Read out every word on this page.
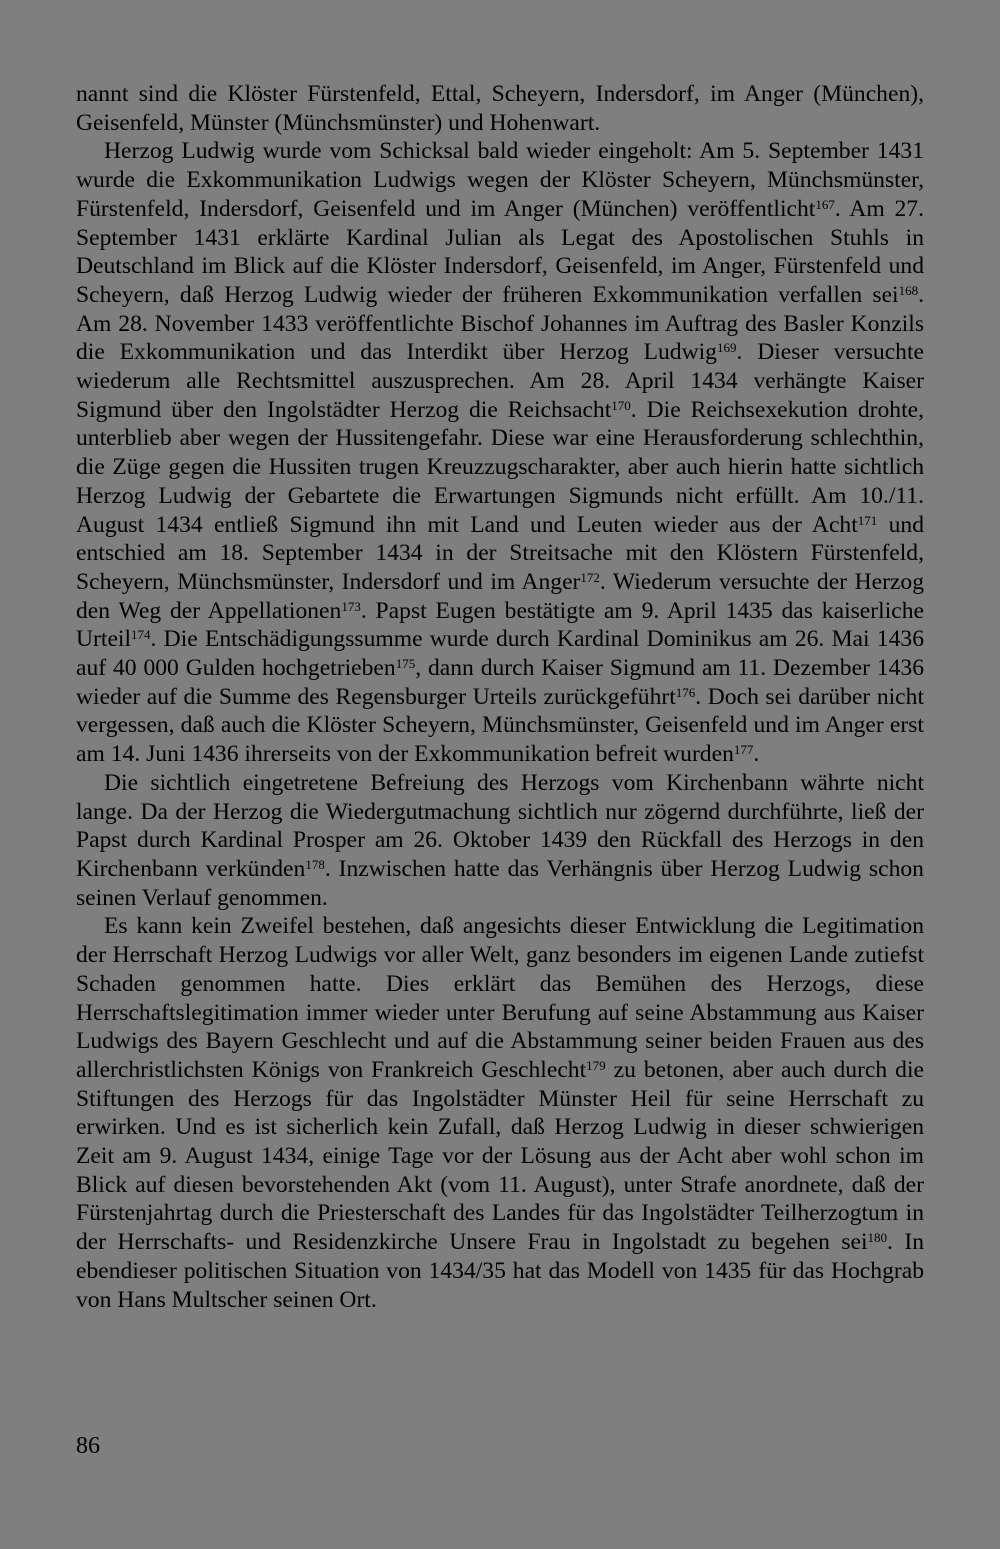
nannt sind die Klöster Fürstenfeld, Ettal, Scheyern, Indersdorf, im Anger (München), Geisenfeld, Münster (Münchsmünster) und Hohenwart.

Herzog Ludwig wurde vom Schicksal bald wieder eingeholt: Am 5. September 1431 wurde die Exkommunikation Ludwigs wegen der Klöster Scheyern, Münchsmünster, Fürstenfeld, Indersdorf, Geisenfeld und im Anger (München) veröffentlicht$^{167}$. Am 27. September 1431 erklärte Kardinal Julian als Legat des Apostolischen Stuhls in Deutschland im Blick auf die Klöster Indersdorf, Geisenfeld, im Anger, Fürstenfeld und Scheyern, daß Herzog Ludwig wieder der früheren Exkommunikation verfallen sei$^{168}$. Am 28. November 1433 veröffentlichte Bischof Johannes im Auftrag des Basler Konzils die Exkommunikation und das Interdikt über Herzog Ludwig$^{169}$. Dieser versuchte wiederum alle Rechtsmittel auszusprechen. Am 28. April 1434 verhängte Kaiser Sigmund über den Ingolstädter Herzog die Reichsacht$^{170}$. Die Reichsexekution drohte, unterblieb aber wegen der Hussitengefahr. Diese war eine Herausforderung schlechthin, die Züge gegen die Hussiten trugen Kreuzzugscharakter, aber auch hierin hatte sichtlich Herzog Ludwig der Gebartete die Erwartungen Sigmunds nicht erfüllt. Am 10./11. August 1434 entließ Sigmund ihn mit Land und Leuten wieder aus der Acht$^{171}$ und entschied am 18. September 1434 in der Streitsache mit den Klöstern Fürstenfeld, Scheyern, Münchsmünster, Indersdorf und im Anger$^{172}$. Wiederum versuchte der Herzog den Weg der Appellationen$^{173}$. Papst Eugen bestätigte am 9. April 1435 das kaiserliche Urteil$^{174}$. Die Entschädigungssumme wurde durch Kardinal Dominikus am 26. Mai 1436 auf 40 000 Gulden hochgetrieben$^{175}$, dann durch Kaiser Sigmund am 11. Dezember 1436 wieder auf die Summe des Regensburger Urteils zurückgeführt$^{176}$. Doch sei darüber nicht vergessen, daß auch die Klöster Scheyern, Münchsmünster, Geisenfeld und im Anger erst am 14. Juni 1436 ihrerseits von der Exkommunikation befreit wurden$^{177}$.

Die sichtlich eingetretene Befreiung des Herzogs vom Kirchenbann währte nicht lange. Da der Herzog die Wiedergutmachung sichtlich nur zögernd durchführte, ließ der Papst durch Kardinal Prosper am 26. Oktober 1439 den Rückfall des Herzogs in den Kirchenbann verkünden$^{178}$. Inzwischen hatte das Verhängnis über Herzog Ludwig schon seinen Verlauf genommen.

Es kann kein Zweifel bestehen, daß angesichts dieser Entwicklung die Legitimation der Herrschaft Herzog Ludwigs vor aller Welt, ganz besonders im eigenen Lande zutiefst Schaden genommen hatte. Dies erklärt das Bemühen des Herzogs, diese Herrschaftslegitimation immer wieder unter Berufung auf seine Abstammung aus Kaiser Ludwigs des Bayern Geschlecht und auf die Abstammung seiner beiden Frauen aus des allerchristlichsten Königs von Frankreich Geschlecht$^{179}$ zu betonen, aber auch durch die Stiftungen des Herzogs für das Ingolstädter Münster Heil für seine Herrschaft zu erwirken. Und es ist sicherlich kein Zufall, daß Herzog Ludwig in dieser schwierigen Zeit am 9. August 1434, einige Tage vor der Lösung aus der Acht aber wohl schon im Blick auf diesen bevorstehenden Akt (vom 11. August), unter Strafe anordnete, daß der Fürstenjahrtag durch die Priesterschaft des Landes für das Ingolstädter Teilherzogtum in der Herrschafts- und Residenzkirche Unsere Frau in Ingolstadt zu begehen sei$^{180}$. In ebendieser politischen Situation von 1434/35 hat das Modell von 1435 für das Hochgrab von Hans Multscher seinen Ort.

86
